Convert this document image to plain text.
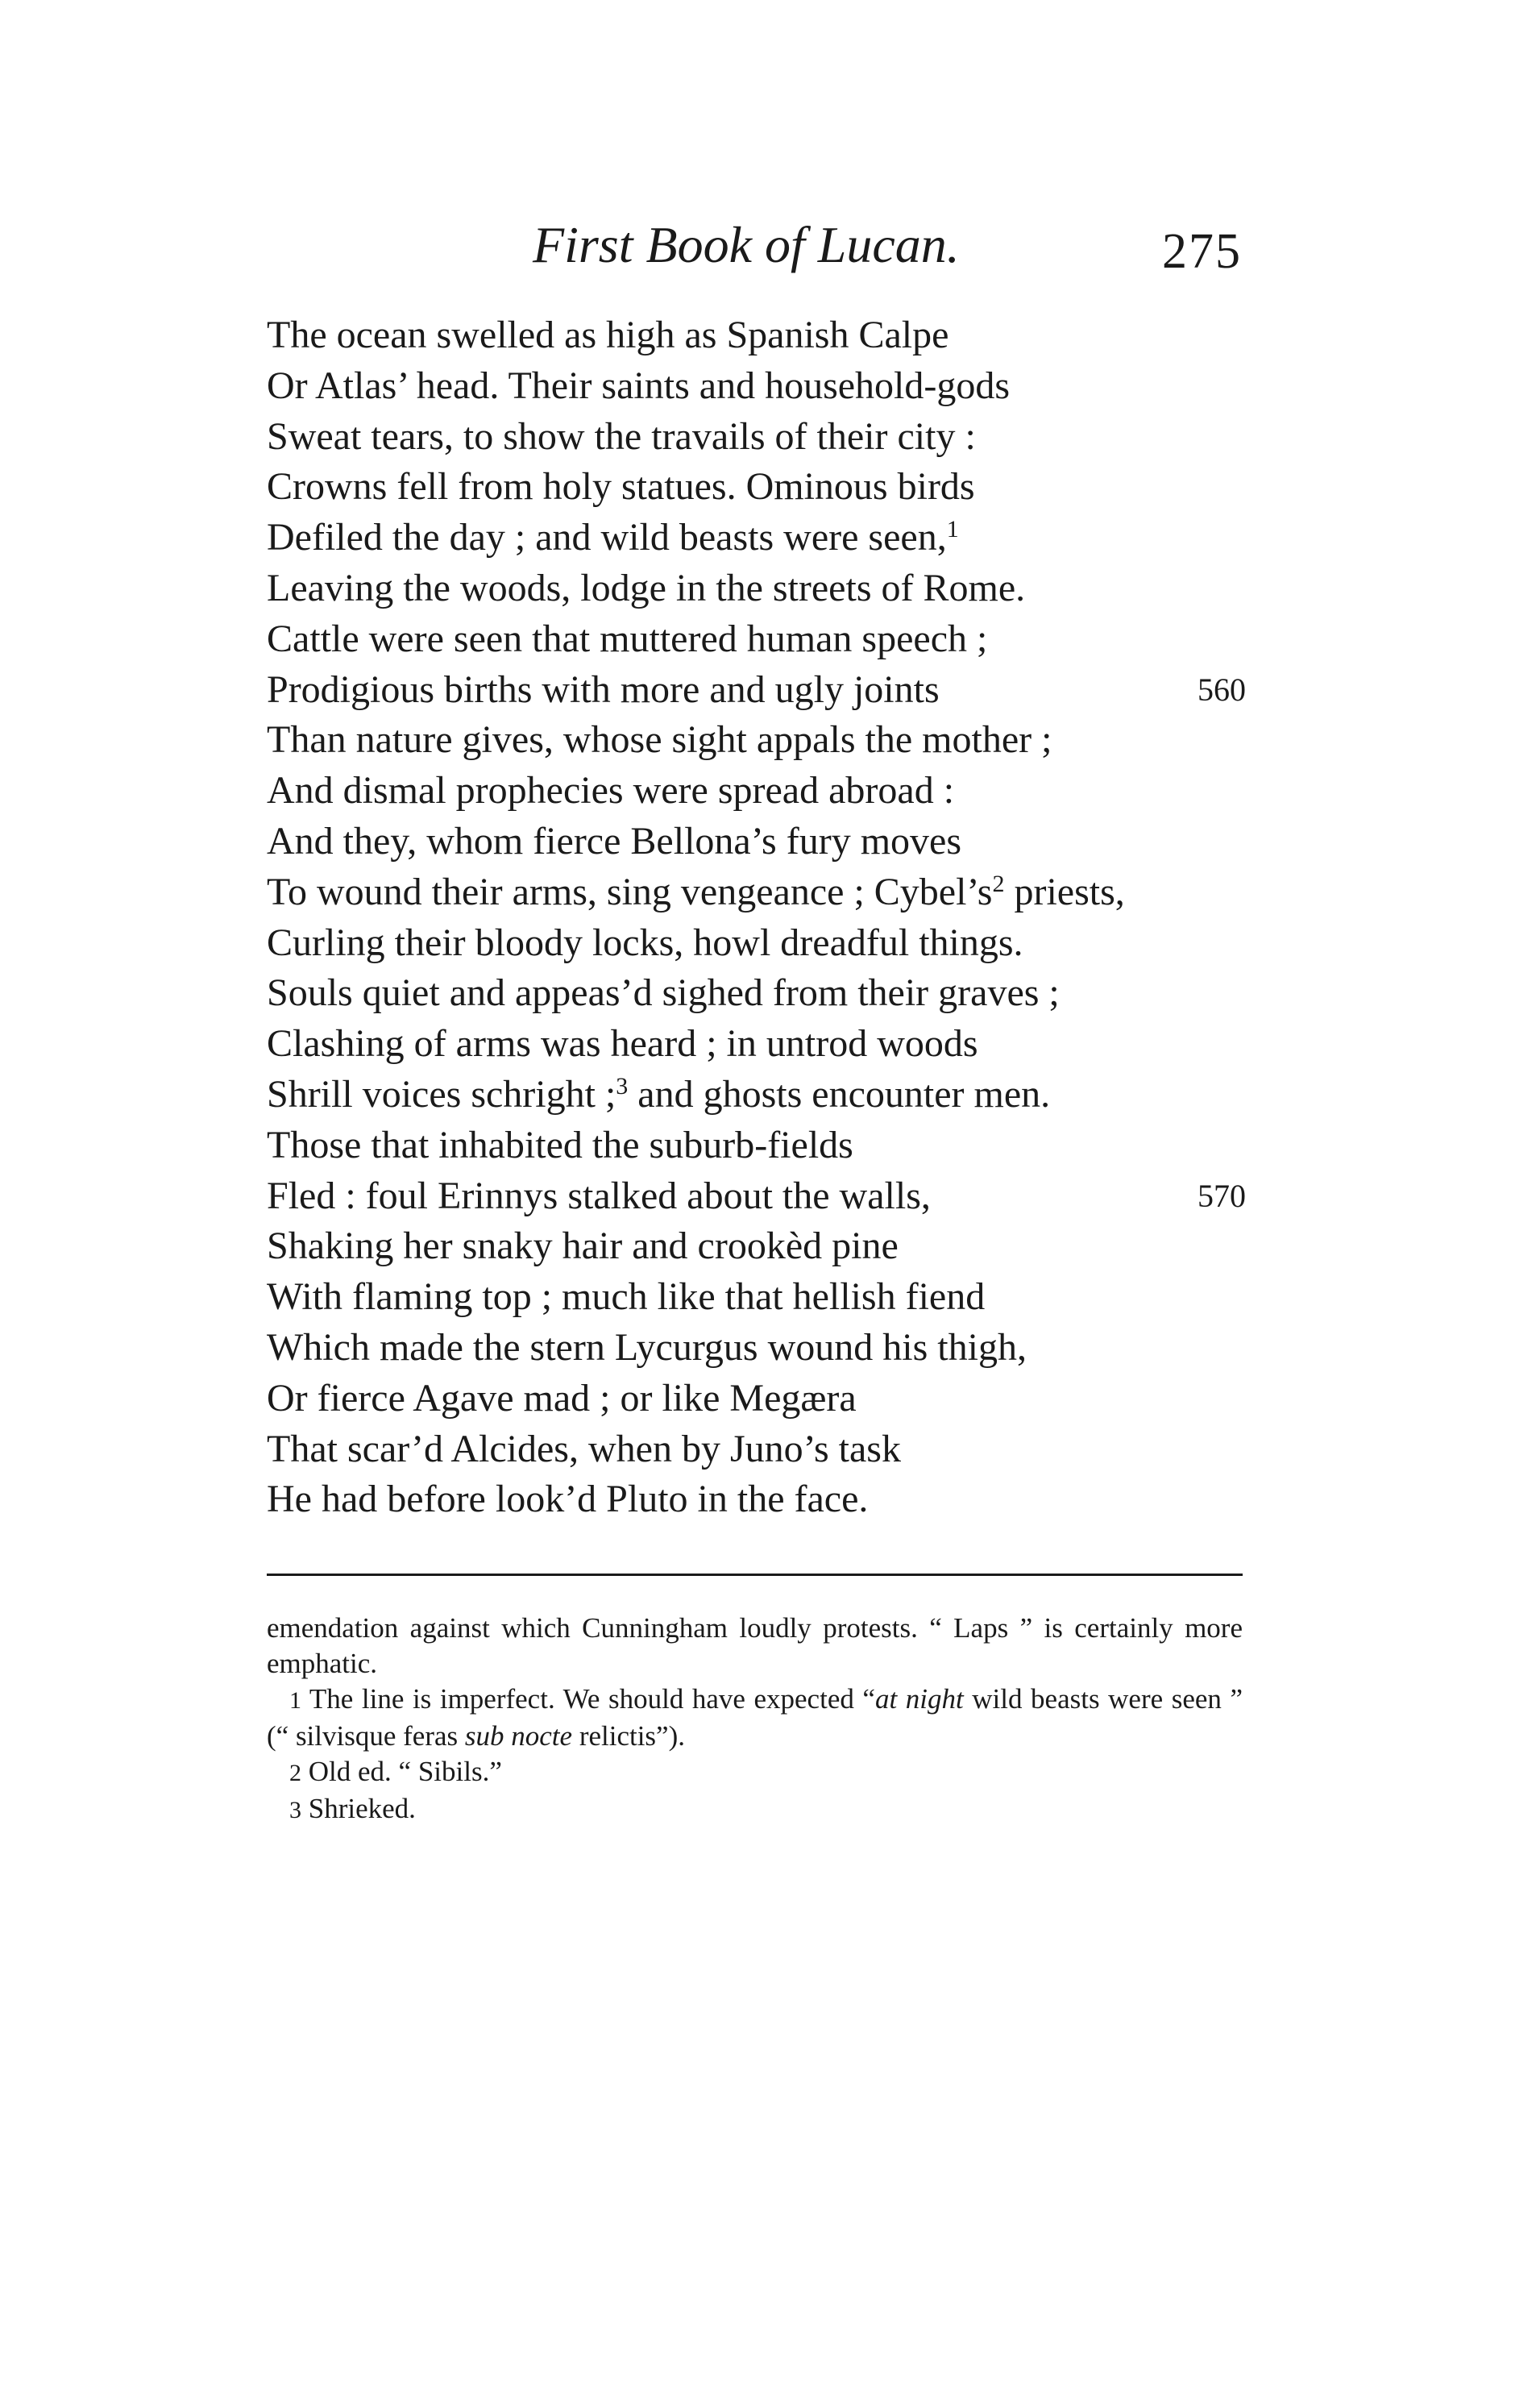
First Book of Lucan.	275
The ocean swelled as high as Spanish Calpe
Or Atlas’ head. Their saints and household-gods
Sweat tears, to show the travails of their city :
Crowns fell from holy statues. Ominous birds
Defiled the day ; and wild beasts were seen,$^1$
Leaving the woods, lodge in the streets of Rome.
Cattle were seen that muttered human speech ;
Prodigious births with more and ugly joints	560
Than nature gives, whose sight appals the mother ;
And dismal prophecies were spread abroad :
And they, whom fierce Bellona’s fury moves
To wound their arms, sing vengeance ; $Cybel’s^2$ priests,
Curling their bloody locks, howl dreadful things.
Souls quiet and appeas’d sighed from their graves ;
Clashing of arms was heard ; in untrod woods
Shrill voices schright ;$^3$ and ghosts encounter men.
Those that inhabited the suburb-fields
Fled : foul Erinnys stalked about the walls,	570
Shaking her snaky hair and crookèd pine
With flaming top ; much like that hellish fiend
Which made the stern Lycurgus wound his thigh,
Or fierce Agave mad ; or like Megæra
That scar’d Alcides, when by Juno’s task
He had before look’d Pluto in the face.

emendation against which Cunningham loudly protests. “ Laps ” is certainly more emphatic.

1 The line is imperfect. We should have expected “at night wild beasts were seen ” (“ silvisque feras sub nocte relictis”).

2 Old ed. “ Sibils.”

3 Shrieked.
